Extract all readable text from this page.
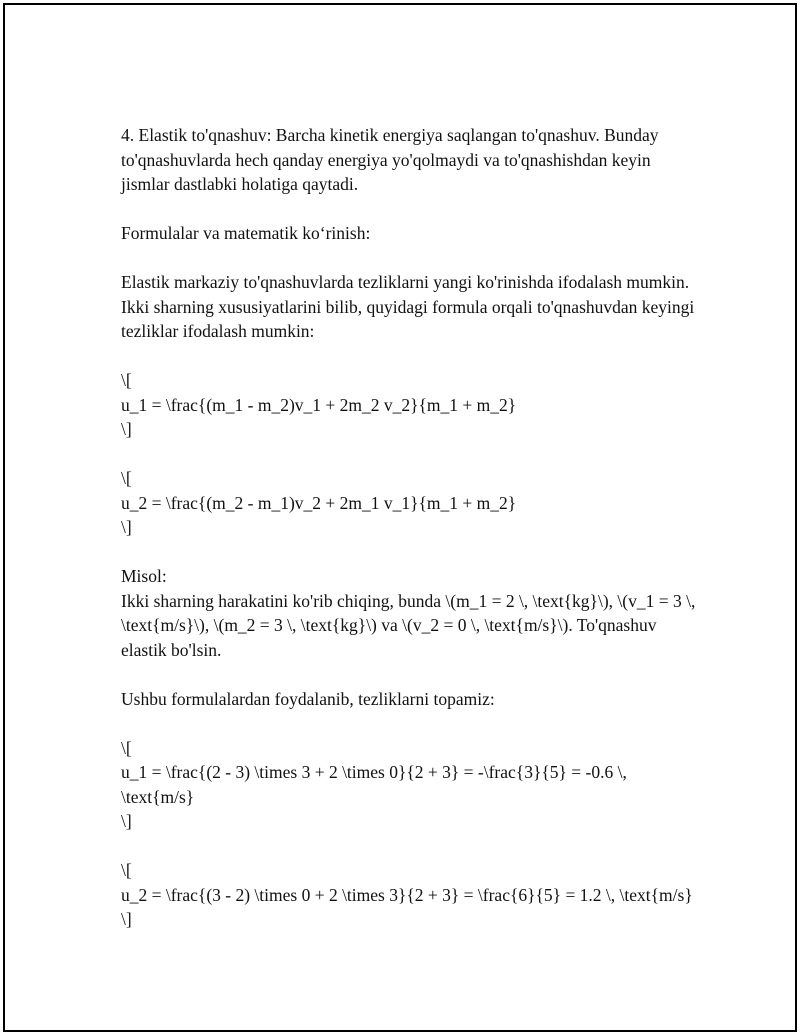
4. Elastik to'qnashuv: Barcha kinetik energiya saqlangan to'qnashuv. Bunday to'qnashuvlarda hech qanday energiya yo'qolmaydi va to'qnashishdan keyin jismlar dastlabki holatiga qaytadi.

Formulalar va matematik ko‘rinish:

Elastik markaziy to'qnashuvlarda tezliklarni yangi ko'rinishda ifodalash mumkin. Ikki sharning xususiyatlarini bilib, quyidagi formula orqali to'qnashuvdan keyingi tezliklar ifodalash mumkin:

\[
u_1 = \frac{(m_1 - m_2)v_1 + 2m_2 v_2}{m_1 + m_2}
\]

\[
u_2 = \frac{(m_2 - m_1)v_2 + 2m_1 v_1}{m_1 + m_2}
\]

Misol:
Ikki sharning harakatini ko'rib chiqing, bunda \(m_1 = 2 \, \text{kg}\), \(v_1 = 3 \, \text{m/s}\), \(m_2 = 3 \, \text{kg}\) va \(v_2 = 0 \, \text{m/s}\). To'qnashuv elastik bo'lsin.

Ushbu formulalardan foydalanib, tezliklarni topamiz:

\[
u_1 = \frac{(2 - 3) \times 3 + 2 \times 0}{2 + 3} = -\frac{3}{5} = -0.6 \, \text{m/s}
\]

\[
u_2 = \frac{(3 - 2) \times 0 + 2 \times 3}{2 + 3} = \frac{6}{5} = 1.2 \, \text{m/s}
\]
